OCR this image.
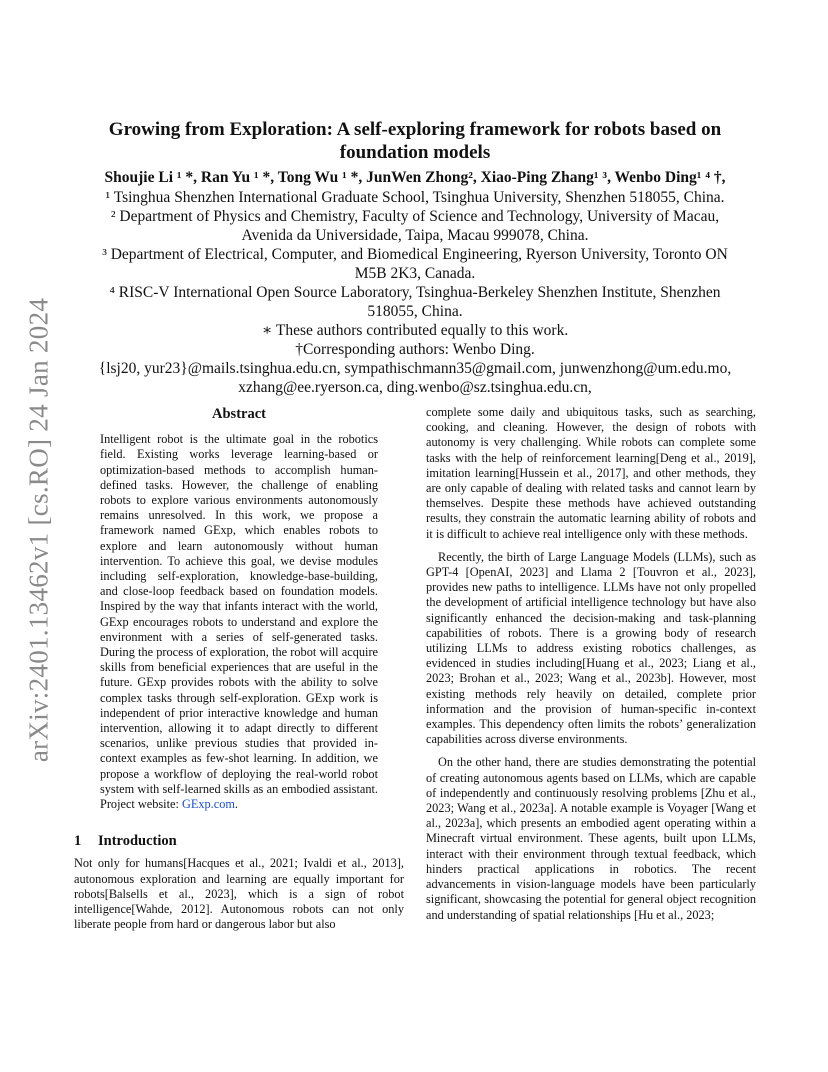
arXiv:2401.13462v1 [cs.RO] 24 Jan 2024
Growing from Exploration: A self-exploring framework for robots based on
foundation models
Shoujie Li ¹ *, Ran Yu ¹ *, Tong Wu ¹ *, JunWen Zhong², Xiao-Ping Zhang¹ ³, Wenbo Ding¹ ⁴ †,
¹ Tsinghua Shenzhen International Graduate School, Tsinghua University, Shenzhen 518055, China.
² Department of Physics and Chemistry, Faculty of Science and Technology, University of Macau,
Avenida da Universidade, Taipa, Macau 999078, China.
³ Department of Electrical, Computer, and Biomedical Engineering, Ryerson University, Toronto ON
M5B 2K3, Canada.
⁴ RISC-V International Open Source Laboratory, Tsinghua-Berkeley Shenzhen Institute, Shenzhen
518055, China.
∗ These authors contributed equally to this work.
†Corresponding authors: Wenbo Ding.
{lsj20, yur23}@mails.tsinghua.edu.cn, sympathischmann35@gmail.com, junwenzhong@um.edu.mo,
xzhang@ee.ryerson.ca, ding.wenbo@sz.tsinghua.edu.cn,
Abstract
Intelligent robot is the ultimate goal in the robotics field. Existing works leverage learning-based or optimization-based methods to accomplish human-defined tasks. However, the challenge of enabling robots to explore various environments autonomously remains unresolved. In this work, we propose a framework named GExp, which enables robots to explore and learn autonomously without human intervention. To achieve this goal, we devise modules including self-exploration, knowledge-base-building, and close-loop feedback based on foundation models. Inspired by the way that infants interact with the world, GExp encourages robots to understand and explore the environment with a series of self-generated tasks. During the process of exploration, the robot will acquire skills from beneficial experiences that are useful in the future. GExp provides robots with the ability to solve complex tasks through self-exploration. GExp work is independent of prior interactive knowledge and human intervention, allowing it to adapt directly to different scenarios, unlike previous studies that provided in-context examples as few-shot learning. In addition, we propose a workflow of deploying the real-world robot system with self-learned skills as an embodied assistant. Project website: GExp.com.
1 Introduction

Not only for humans[Hacques et al., 2021; Ivaldi et al., 2013], autonomous exploration and learning are equally important for robots[Balsells et al., 2023], which is a sign of robot intelligence[Wahde, 2012]. Autonomous robots can not only liberate people from hard or dangerous labor but also

complete some daily and ubiquitous tasks, such as searching, cooking, and cleaning. However, the design of robots with autonomy is very challenging. While robots can complete some tasks with the help of reinforcement learning[Deng et al., 2019], imitation learning[Hussein et al., 2017], and other methods, they are only capable of dealing with related tasks and cannot learn by themselves. Despite these methods have achieved outstanding results, they constrain the automatic learning ability of robots and it is difficult to achieve real intelligence only with these methods.

Recently, the birth of Large Language Models (LLMs), such as GPT-4 [OpenAI, 2023] and Llama 2 [Touvron et al., 2023], provides new paths to intelligence. LLMs have not only propelled the development of artificial intelligence technology but have also significantly enhanced the decision-making and task-planning capabilities of robots. There is a growing body of research utilizing LLMs to address existing robotics challenges, as evidenced in studies including[Huang et al., 2023; Liang et al., 2023; Brohan et al., 2023; Wang et al., 2023b]. However, most existing methods rely heavily on detailed, complete prior information and the provision of human-specific in-context examples. This dependency often limits the robots’ generalization capabilities across diverse environments.

On the other hand, there are studies demonstrating the potential of creating autonomous agents based on LLMs, which are capable of independently and continuously resolving problems [Zhu et al., 2023; Wang et al., 2023a]. A notable example is Voyager [Wang et al., 2023a], which presents an embodied agent operating within a Minecraft virtual environment. These agents, built upon LLMs, interact with their environment through textual feedback, which hinders practical applications in robotics. The recent advancements in vision-language models have been particularly significant, showcasing the potential for general object recognition and understanding of spatial relationships [Hu et al., 2023;
